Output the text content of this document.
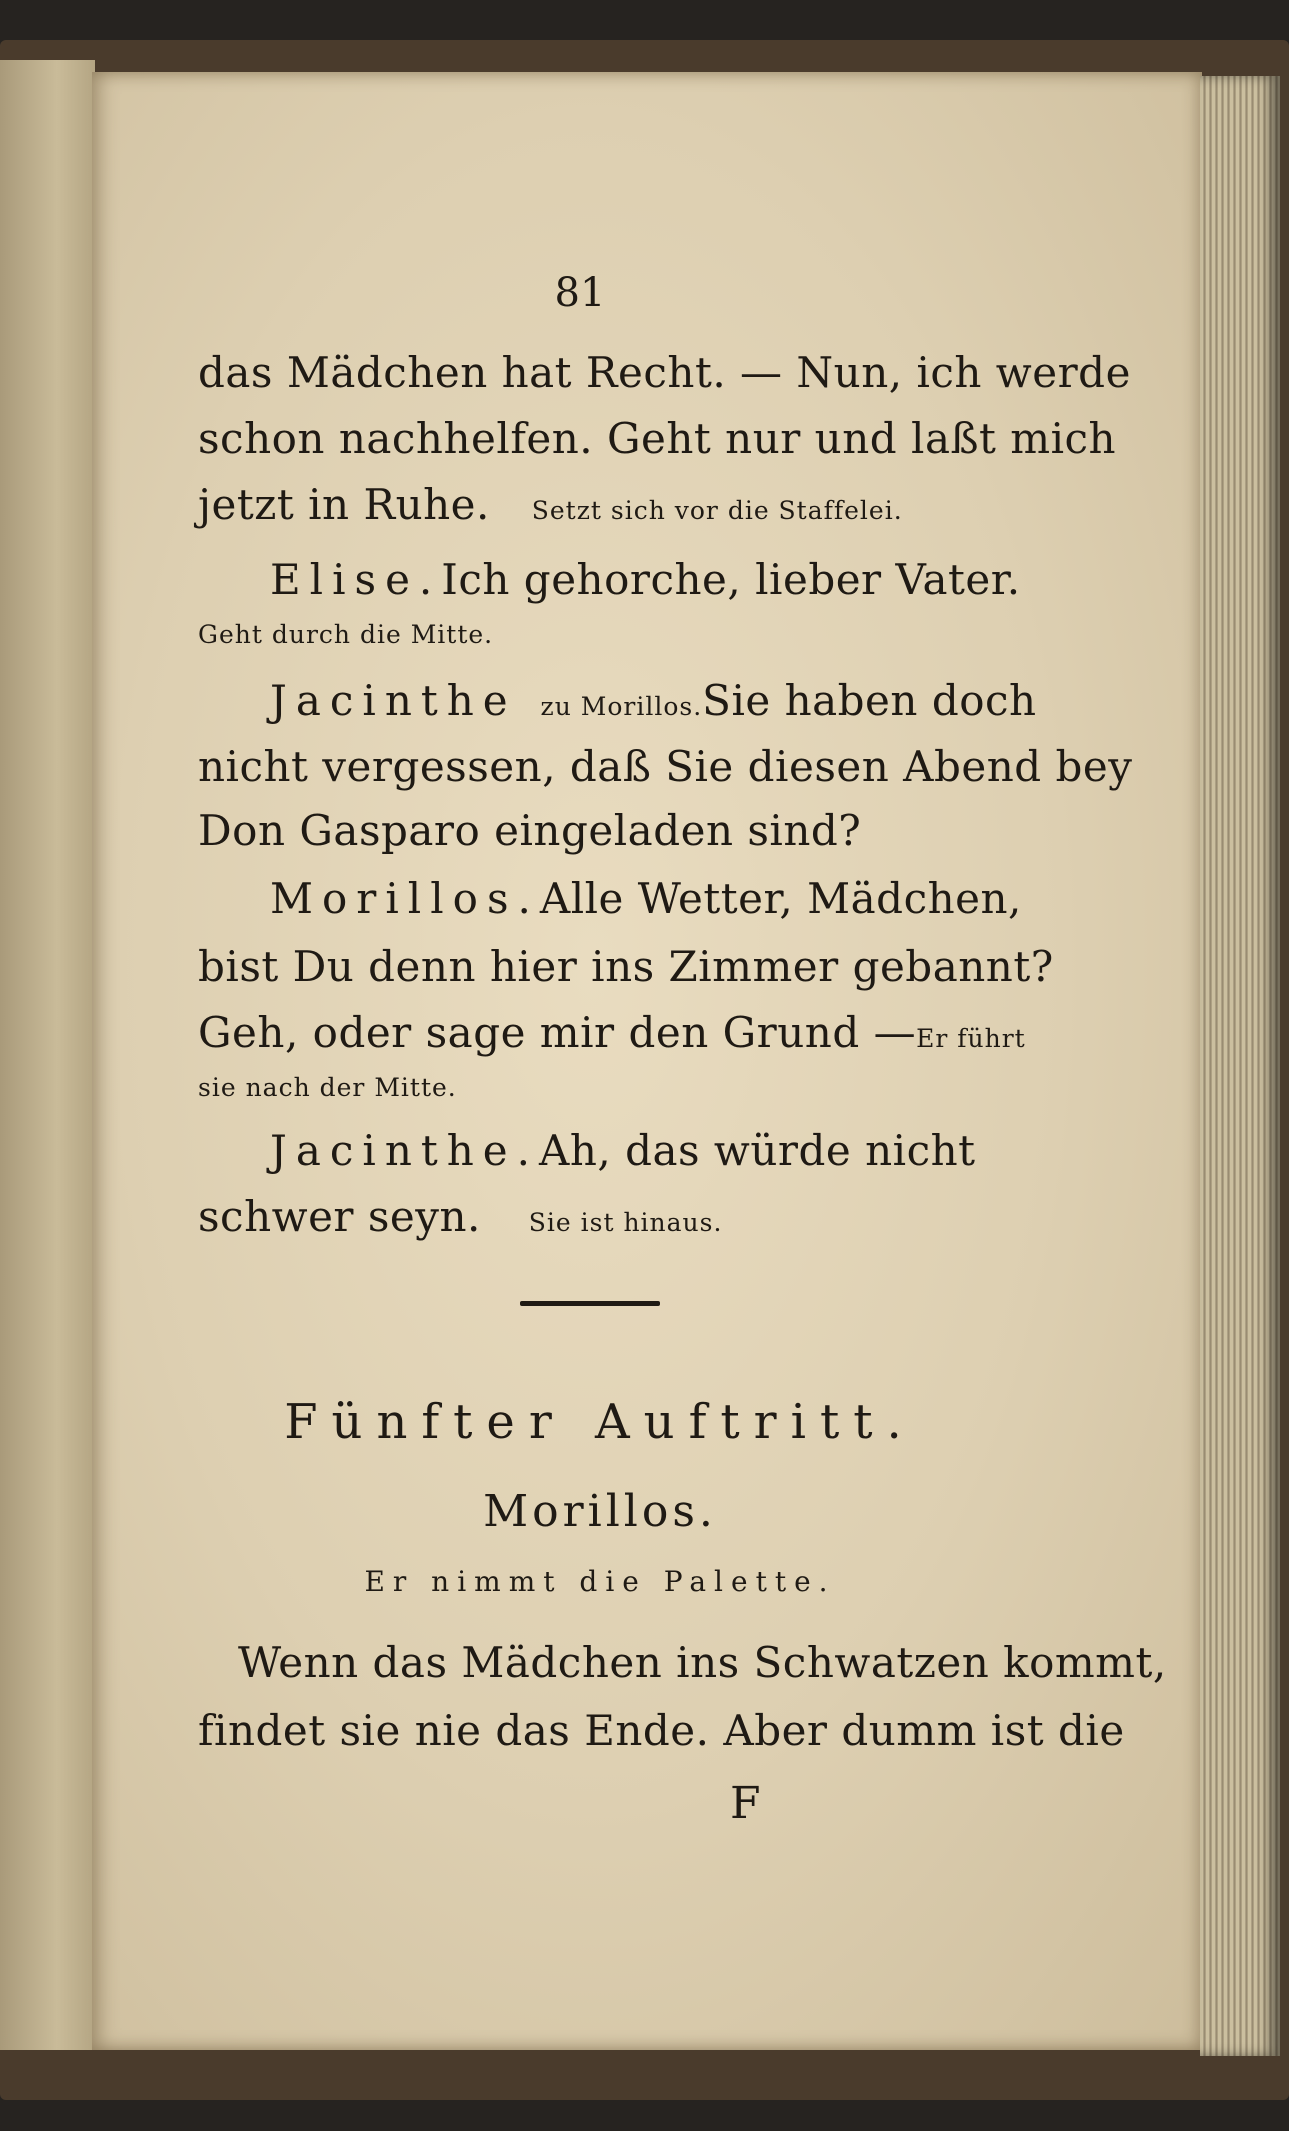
81
das Mädchen hat Recht. — Nun, ich werde
schon nachhelfen. Geht nur und laßt mich
jetzt in Ruhe. Setzt sich vor die Staffelei.
Elise. Ich gehorche, lieber Vater.
Geht durch die Mitte.
Jacinthe zu Morillos. Sie haben doch
nicht vergessen, daß Sie diesen Abend bey
Don Gasparo eingeladen sind?
Morillos. Alle Wetter, Mädchen,
bist Du denn hier ins Zimmer gebannt?
Geh, oder sage mir den Grund — Er führt
sie nach der Mitte.
Jacinthe. Ah, das würde nicht
schwer seyn. Sie ist hinaus.
Fünfter Auftritt.
Morillos.
Er nimmt die Palette.
Wenn das Mädchen ins Schwatzen kommt,
findet sie nie das Ende. Aber dumm ist die
F
